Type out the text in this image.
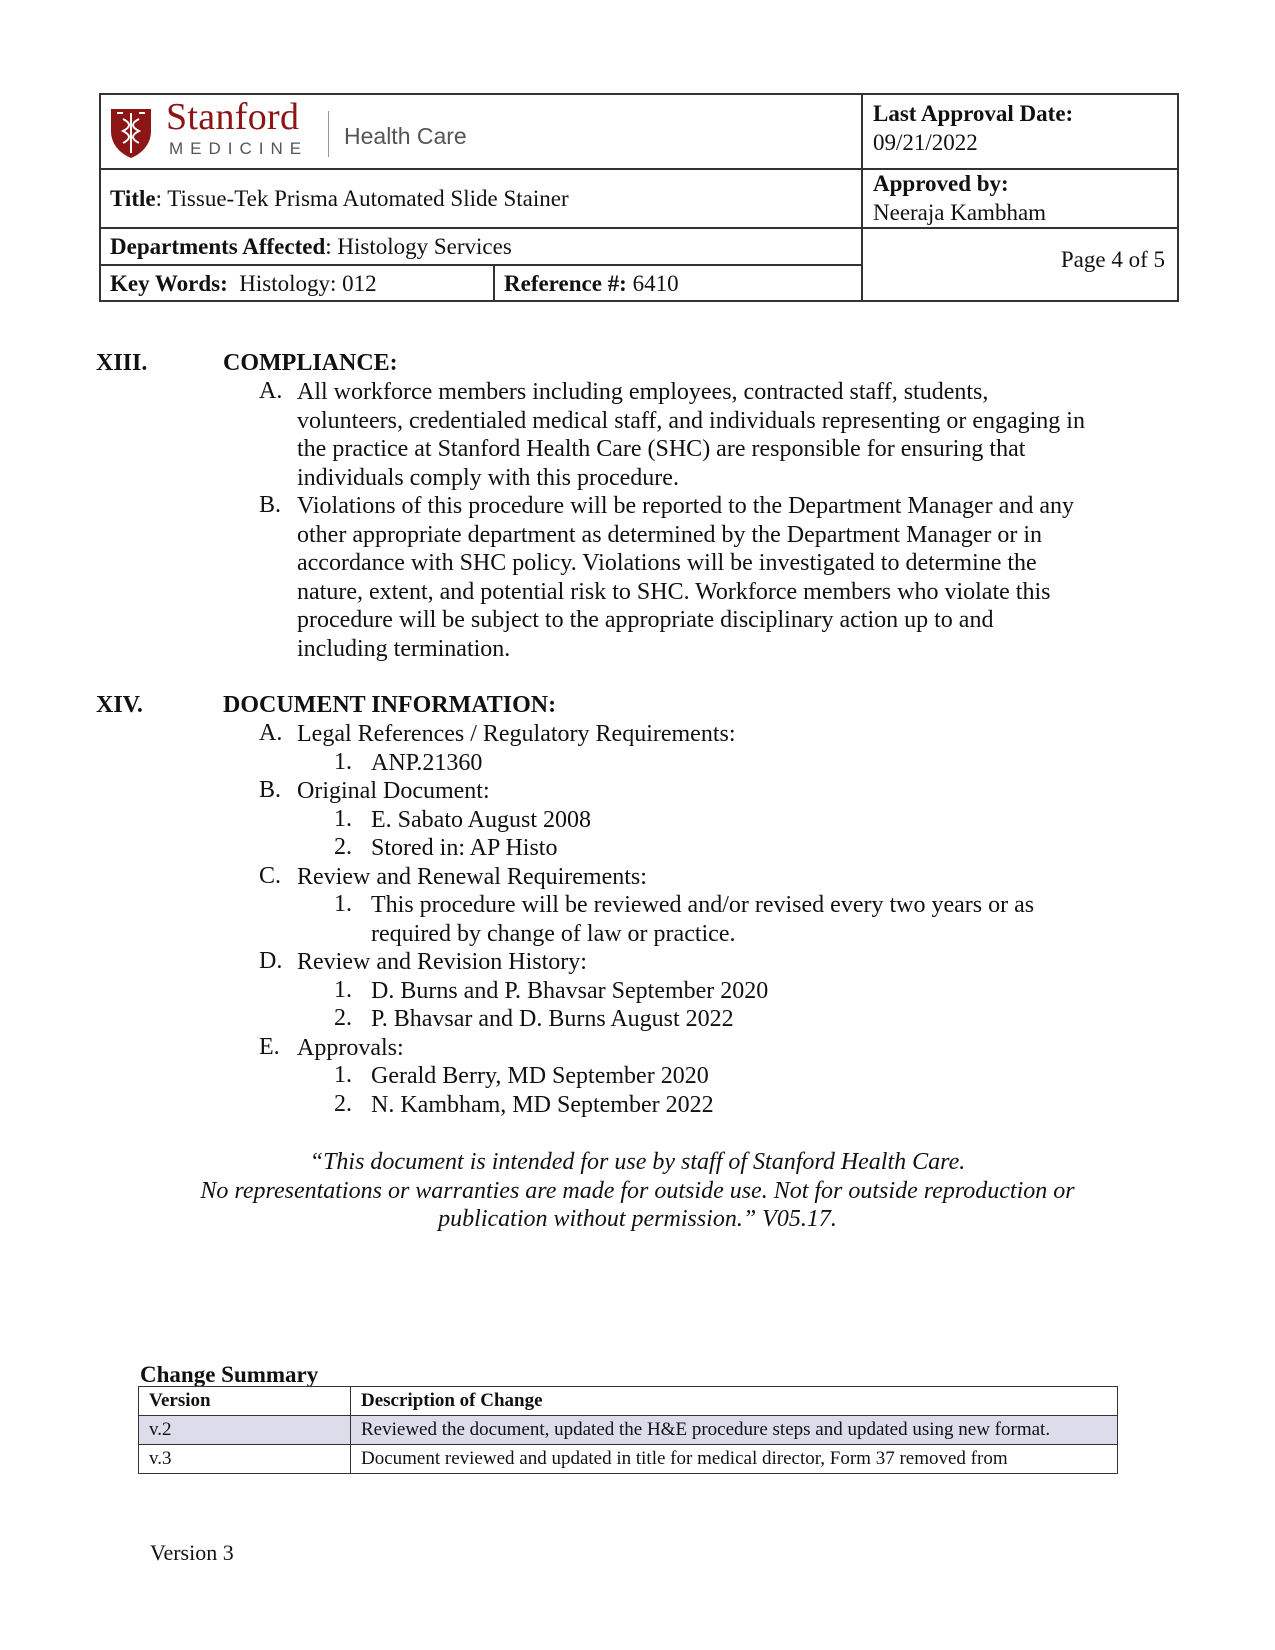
Stanford
MEDICINE Health Care
Last Approval Date:
09/21/2022
Approved by:
Neeraja Kambham
Page 4 of 5
Title: Tissue-Tek Prisma Automated Slide Stainer
Departments Affected: Histology Services
Key Words: Histology: 012	Reference #: 6410
XIII.	COMPLIANCE:
A. All workforce members including employees, contracted staff, students,
volunteers, credentialed medical staff, and individuals representing or engaging in
the practice at Stanford Health Care (SHC) are responsible for ensuring that
individuals comply with this procedure.
B. Violations of this procedure will be reported to the Department Manager and any
other appropriate department as determined by the Department Manager or in
accordance with SHC policy. Violations will be investigated to determine the
nature, extent, and potential risk to SHC. Workforce members who violate this
procedure will be subject to the appropriate disciplinary action up to and
including termination.
XIV.	DOCUMENT INFORMATION:
A. Legal References / Regulatory Requirements:
1. ANP.21360
B. Original Document:
1. E. Sabato August 2008
2. Stored in: AP Histo
C. Review and Renewal Requirements:
1. This procedure will be reviewed and/or revised every two years or as
required by change of law or practice.
D. Review and Revision History:
1. D. Burns and P. Bhavsar September 2020
2. P. Bhavsar and D. Burns August 2022
E. Approvals:
1. Gerald Berry, MD September 2020
2. N. Kambham, MD September 2022
“This document is intended for use by staff of Stanford Health Care.
No representations or warranties are made for outside use. Not for outside reproduction or
publication without permission.” V05.17.
Change Summary
Version	Description of Change
v.2	Reviewed the document, updated the H&E procedure steps and updated using new format.
v.3	Document reviewed and updated in title for medical director, Form 37 removed from
Version 3
